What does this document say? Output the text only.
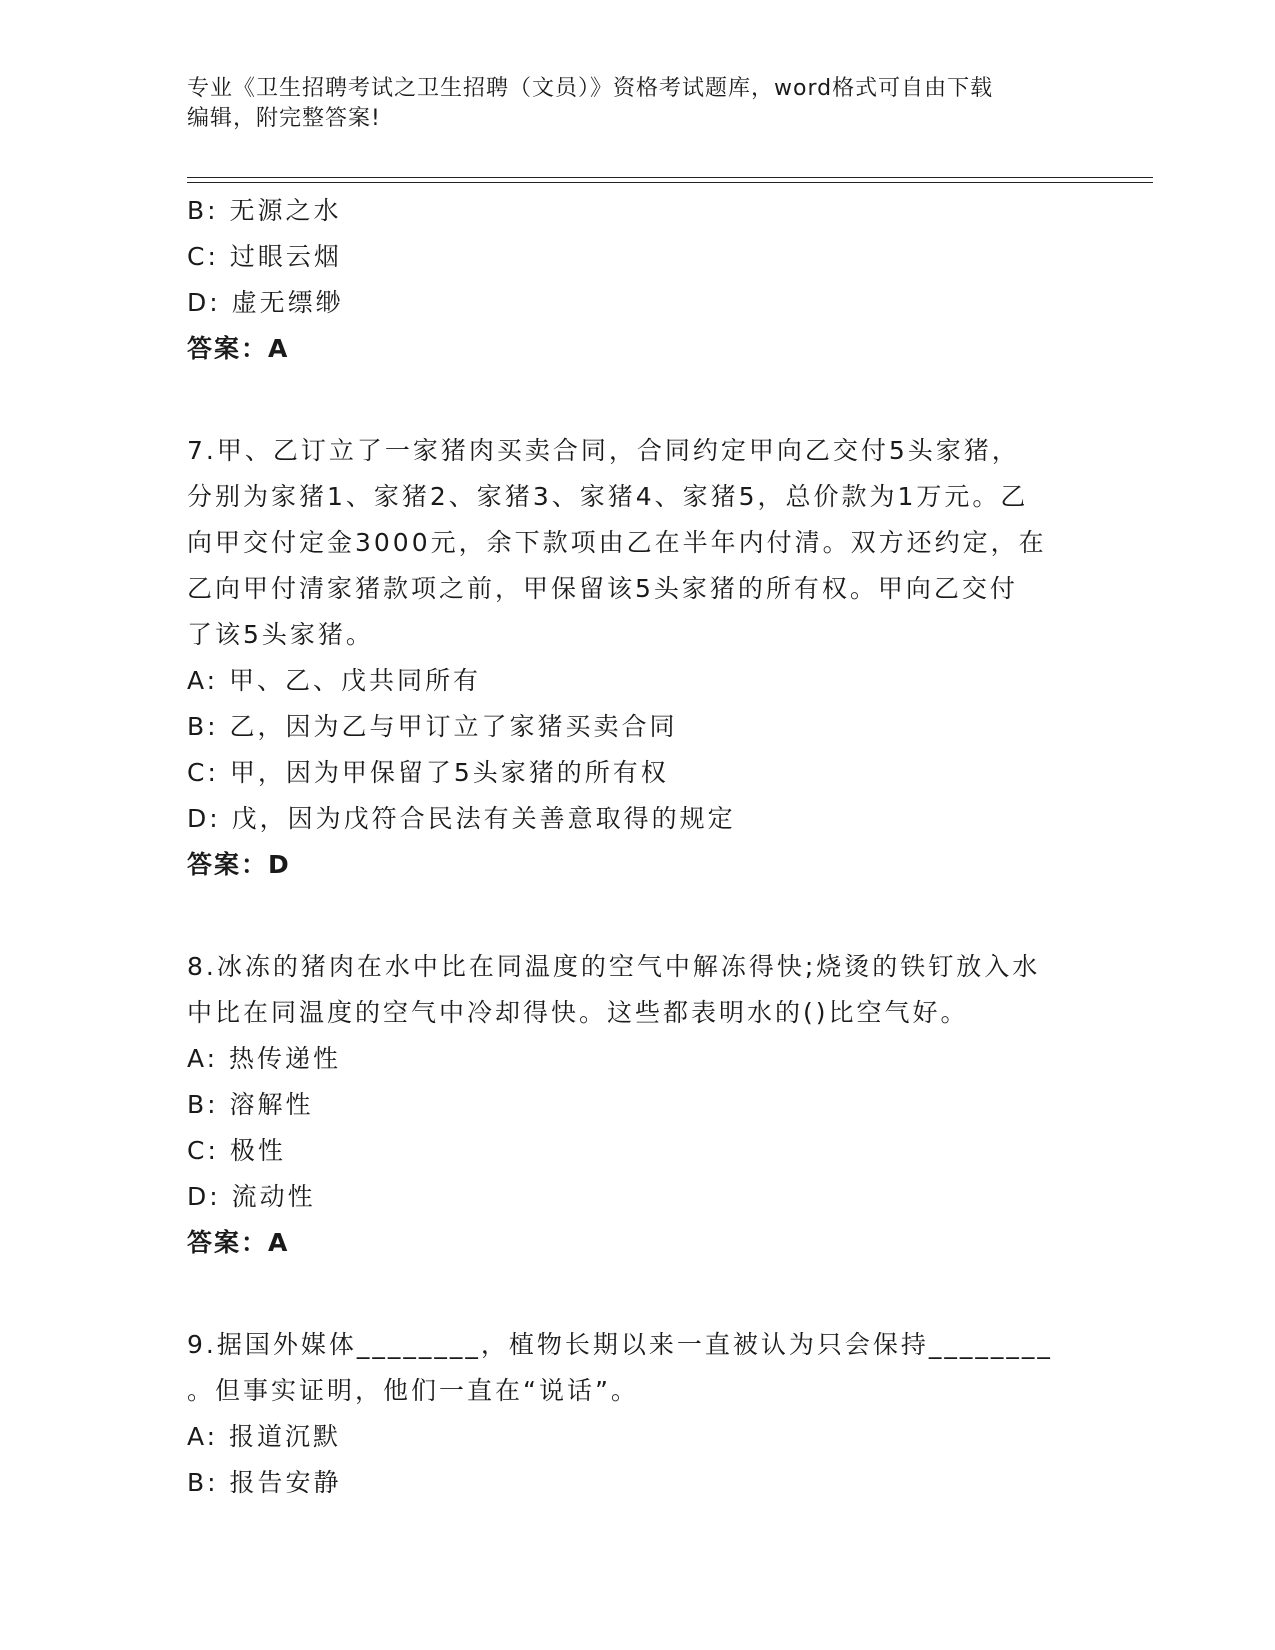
专业《卫生招聘考试之卫生招聘（文员）》资格考试题库，word格式可自由下载
编辑，附完整答案!
B: 无源之水
C: 过眼云烟
D: 虚无缥缈
答案：A
7.甲、乙订立了一家猪肉买卖合同，合同约定甲向乙交付5头家猪，
分别为家猪1、家猪2、家猪3、家猪4、家猪5，总价款为1万元。乙
向甲交付定金3000元，余下款项由乙在半年内付清。双方还约定，在
乙向甲付清家猪款项之前，甲保留该5头家猪的所有权。甲向乙交付
了该5头家猪。
A: 甲、乙、戊共同所有
B: 乙，因为乙与甲订立了家猪买卖合同
C: 甲，因为甲保留了5头家猪的所有权
D: 戊，因为戊符合民法有关善意取得的规定
答案：D
8.冰冻的猪肉在水中比在同温度的空气中解冻得快;烧烫的铁钉放入水
中比在同温度的空气中冷却得快。这些都表明水的()比空气好。
A: 热传递性
B: 溶解性
C: 极性
D: 流动性
答案：A
9.据国外媒体________，植物长期以来一直被认为只会保持________
。但事实证明，他们一直在“说话”。
A: 报道沉默
B: 报告安静
